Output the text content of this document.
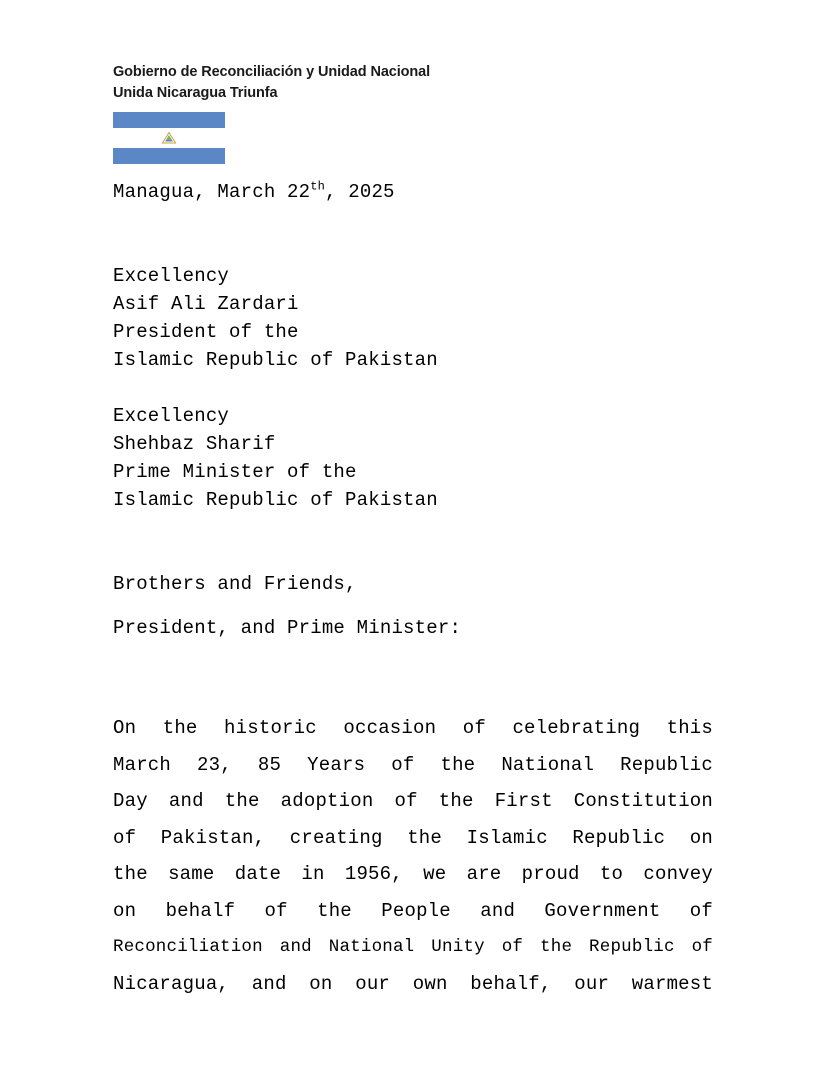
Gobierno de Reconciliación y Unidad Nacional
Unida Nicaragua Triunfa
Managua, March 22th, 2025
Excellency
Asif Ali Zardari
President of the
Islamic Republic of Pakistan
Excellency
Shehbaz Sharif
Prime Minister of the
Islamic Republic of Pakistan
Brothers and Friends,
President, and Prime Minister:
On the historic occasion of celebrating this
March 23, 85 Years of the National Republic
Day and the adoption of the First Constitution
of Pakistan, creating the Islamic Republic on
the same date in 1956, we are proud to convey
on behalf of the People and Government of
Reconciliation and National Unity of the Republic of
Nicaragua, and on our own behalf, our warmest
